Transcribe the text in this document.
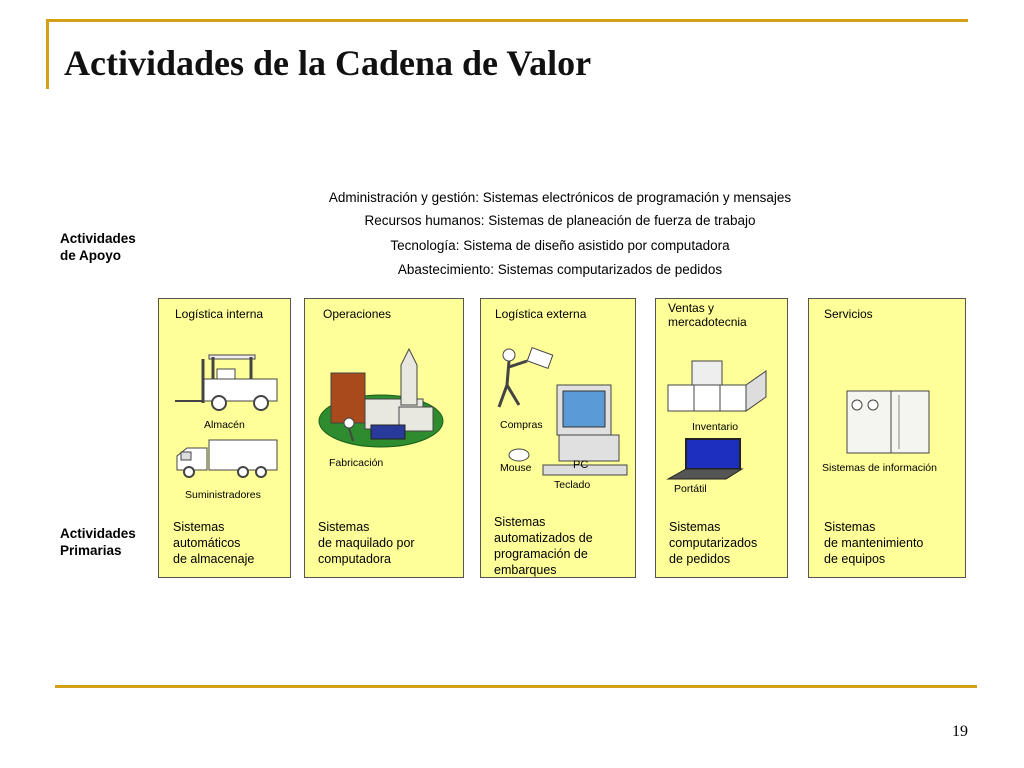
Actividades de la Cadena de Valor
Actividades
de Apoyo
Administración y gestión: Sistemas electrónicos de programación y mensajes
Recursos humanos: Sistemas de planeación de fuerza de trabajo
Tecnología: Sistema de diseño asistido por computadora
Abastecimiento: Sistemas computarizados de pedidos
Actividades
Primarias
Logística interna
Almacén
Suministradores
Sistemas
automáticos
de almacenaje
Operaciones
Fabricación
Sistemas
de maquilado por
computadora
Logística externa
Compras
Mouse	PC
Teclado
Sistemas
automatizados de
programación de
embarques
Ventas y
mercadotecnia
Inventario
Portátil
Sistemas
computarizados
de pedidos
Servicios
Sistemas de información
Sistemas
de mantenimiento
de equipos
19
